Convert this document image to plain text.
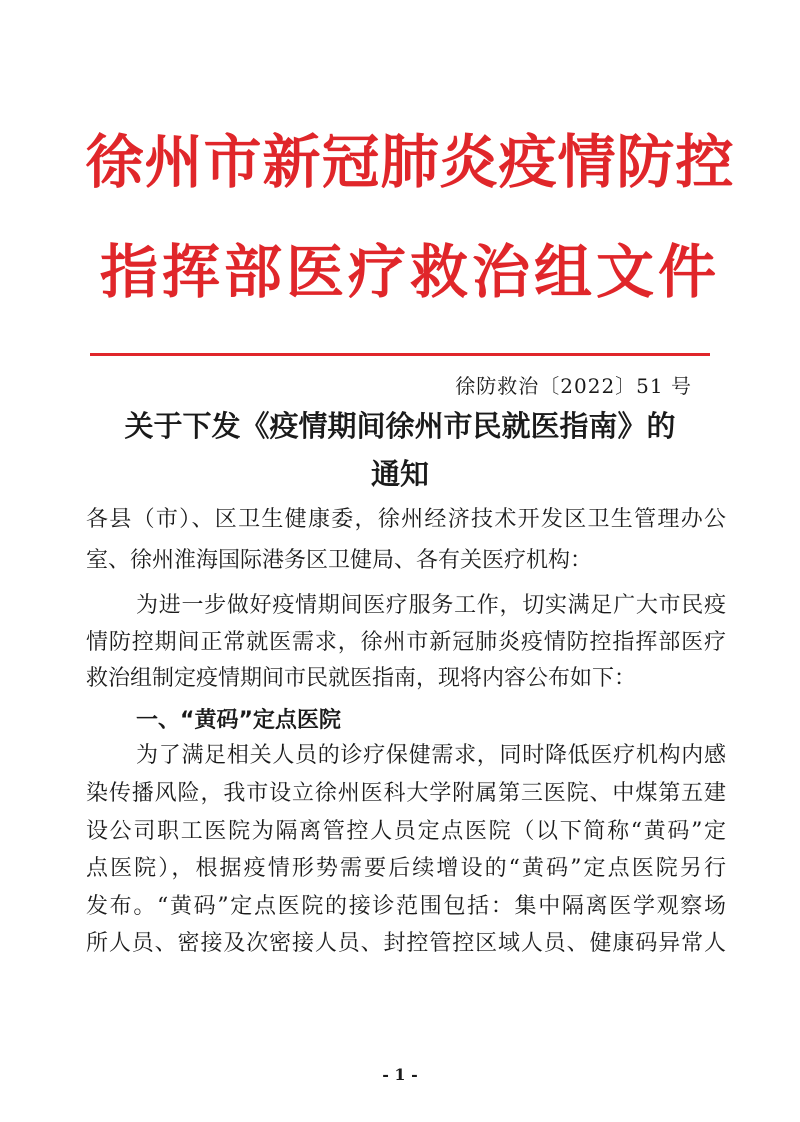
徐州市新冠肺炎疫情防控
指挥部医疗救治组文件
徐防救治〔2022〕51 号
关于下发《疫情期间徐州市民就医指南》的
通知
各县（市）、区卫生健康委，徐州经济技术开发区卫生管理办公
室、徐州淮海国际港务区卫健局、各有关医疗机构：
为进一步做好疫情期间医疗服务工作，切实满足广大市民疫
情防控期间正常就医需求，徐州市新冠肺炎疫情防控指挥部医疗
救治组制定疫情期间市民就医指南，现将内容公布如下：
一、“黄码”定点医院
为了满足相关人员的诊疗保健需求，同时降低医疗机构内感
染传播风险，我市设立徐州医科大学附属第三医院、中煤第五建
设公司职工医院为隔离管控人员定点医院（以下简称“黄码”定
点医院），根据疫情形势需要后续增设的“黄码”定点医院另行
发布。“黄码”定点医院的接诊范围包括：集中隔离医学观察场
所人员、密接及次密接人员、封控管控区域人员、健康码异常人
- 1 -
